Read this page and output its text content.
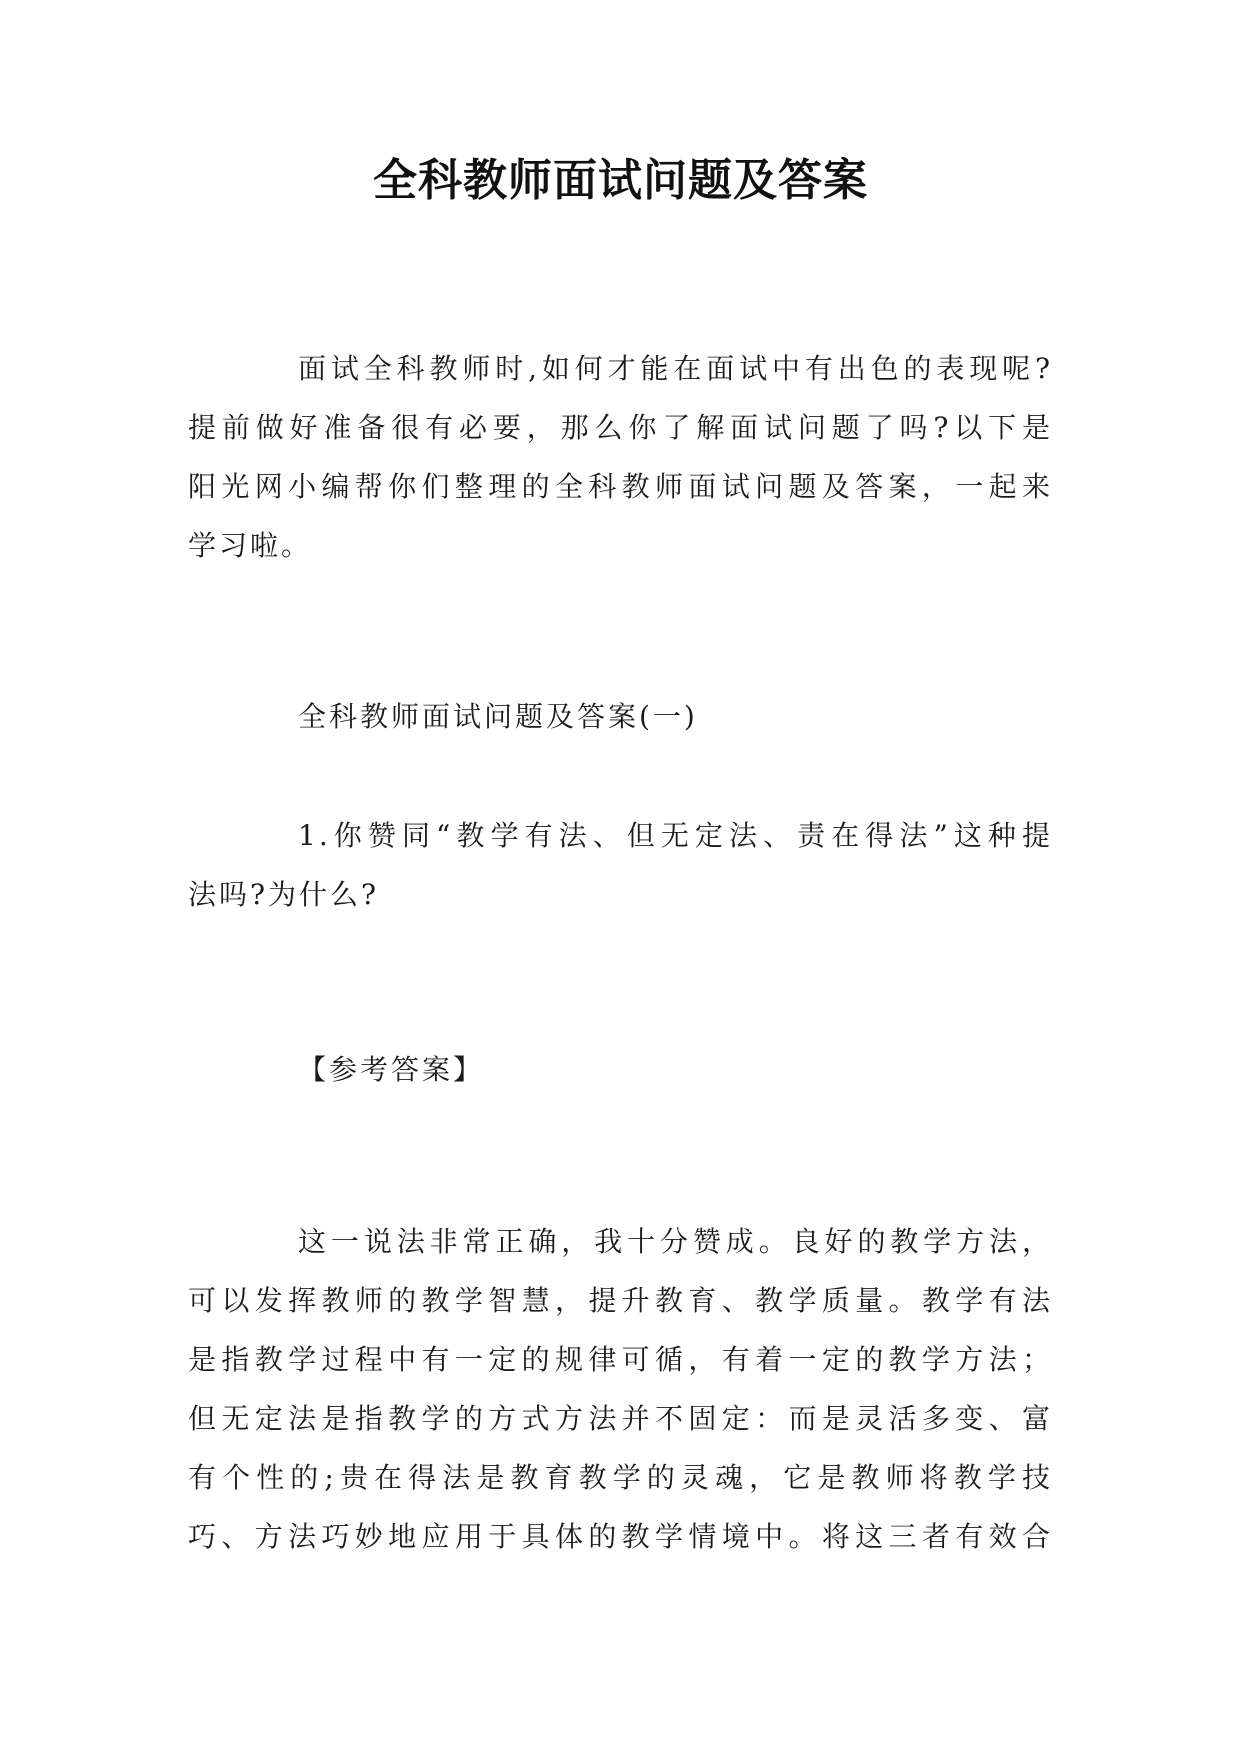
全科教师面试问题及答案
面试全科教师时,如何才能在面试中有出色的表现呢?
提前做好准备很有必要，那么你了解面试问题了吗?以下是
阳光网小编帮你们整理的全科教师面试问题及答案，一起来
学习啦。
全科教师面试问题及答案(一)
1.你赞同“教学有法、但无定法、责在得法”这种提
法吗?为什么?
【参考答案】
这一说法非常正确，我十分赞成。良好的教学方法，
可以发挥教师的教学智慧，提升教育、教学质量。教学有法
是指教学过程中有一定的规律可循，有着一定的教学方法；
但无定法是指教学的方式方法并不固定：而是灵活多变、富
有个性的;贵在得法是教育教学的灵魂，它是教师将教学技
巧、方法巧妙地应用于具体的教学情境中。将这三者有效合
